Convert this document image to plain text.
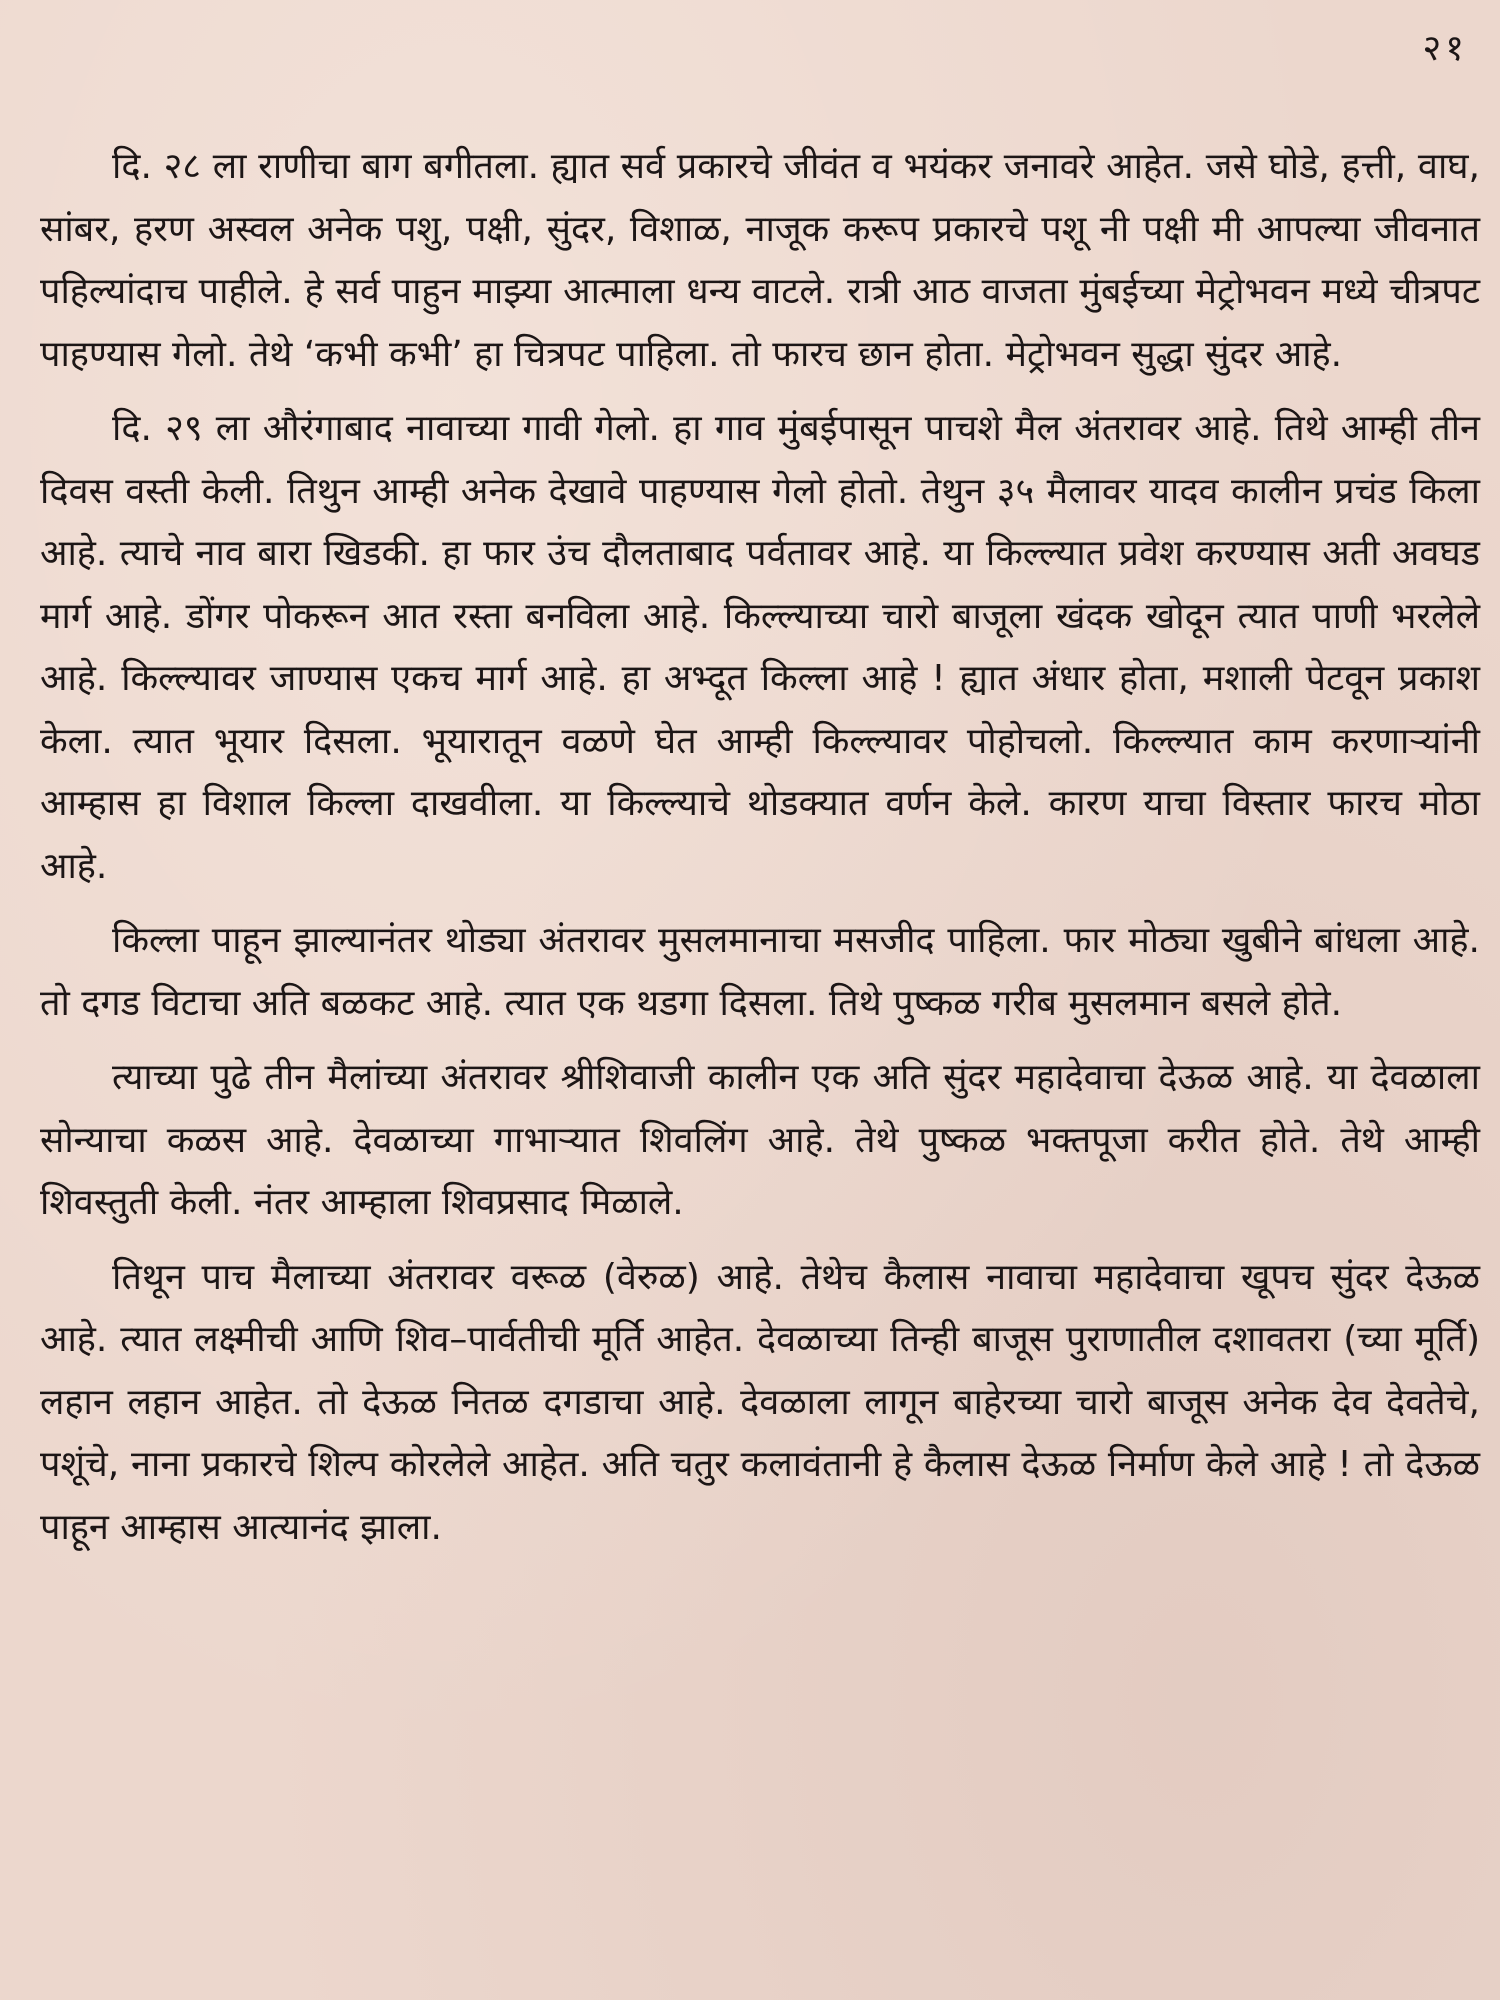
२१

दि. २८ ला राणीचा बाग बगीतला. ह्यात सर्व प्रकारचे जीवंत व भयंकर जनावरे आहेत. जसे घोडे, हत्ती, वाघ, सांबर, हरण अस्वल अनेक पशु, पक्षी, सुंदर, विशाळ, नाजूक करूप प्रकारचे पशू नी पक्षी मी आपल्या जीवनात पहिल्यांदाच पाहीले. हे सर्व पाहुन माझ्या आत्माला धन्य वाटले. रात्री आठ वाजता मुंबईच्या मेट्रोभवन मध्ये चीत्रपट पाहण्यास गेलो. तेथे ‘कभी कभी’ हा चित्रपट पाहिला. तो फारच छान होता. मेट्रोभवन सुद्धा सुंदर आहे.

दि. २९ ला औरंगाबाद नावाच्या गावी गेलो. हा गाव मुंबईपासून पाचशे मैल अंतरावर आहे. तिथे आम्ही तीन दिवस वस्ती केली. तिथुन आम्ही अनेक देखावे पाहण्यास गेलो होतो. तेथुन ३५ मैलावर यादव कालीन प्रचंड किला आहे. त्याचे नाव बारा खिडकी. हा फार उंच दौलताबाद पर्वतावर आहे. या किल्ल्यात प्रवेश करण्यास अती अवघड मार्ग आहे. डोंगर पोकरून आत रस्ता बनविला आहे. किल्ल्याच्या चारो बाजूला खंदक खोदून त्यात पाणी भरलेले आहे. किल्ल्यावर जाण्यास एकच मार्ग आहे. हा अभ्दूत किल्ला आहे ! ह्यात अंधार होता, मशाली पेटवून प्रकाश केला. त्यात भूयार दिसला. भूयारातून वळणे घेत आम्ही किल्ल्यावर पोहोचलो. किल्ल्यात काम करणाऱ्यांनी आम्हास हा विशाल किल्ला दाखवीला. या किल्ल्याचे थोडक्यात वर्णन केले. कारण याचा विस्तार फारच मोठा आहे.

किल्ला पाहून झाल्यानंतर थोड्या अंतरावर मुसलमानाचा मसजीद पाहिला. फार मोठ्या खुबीने बांधला आहे. तो दगड विटाचा अति बळकट आहे. त्यात एक थडगा दिसला. तिथे पुष्कळ गरीब मुसलमान बसले होते.

त्याच्या पुढे तीन मैलांच्या अंतरावर श्रीशिवाजी कालीन एक अति सुंदर महादेवाचा देऊळ आहे. या देवळाला सोन्याचा कळस आहे. देवळाच्या गाभाऱ्यात शिवलिंग आहे. तेथे पुष्कळ भक्तपूजा करीत होते. तेथे आम्ही शिवस्तुती केली. नंतर आम्हाला शिवप्रसाद मिळाले.

तिथून पाच मैलाच्या अंतरावर वरूळ (वेरुळ) आहे. तेथेच कैलास नावाचा महादेवाचा खूपच सुंदर देऊळ आहे. त्यात लक्ष्मीची आणि शिव–पार्वतीची मूर्ति आहेत. देवळाच्या तिन्ही बाजूस पुराणातील दशावतरा (च्या मूर्ति) लहान लहान आहेत. तो देऊळ नितळ दगडाचा आहे. देवळाला लागून बाहेरच्या चारो बाजूस अनेक देव देवतेचे, पशूंचे, नाना प्रकारचे शिल्प कोरलेले आहेत. अति चतुर कलावंतानी हे कैलास देऊळ निर्माण केले आहे ! तो देऊळ पाहून आम्हास आत्यानंद झाला.
